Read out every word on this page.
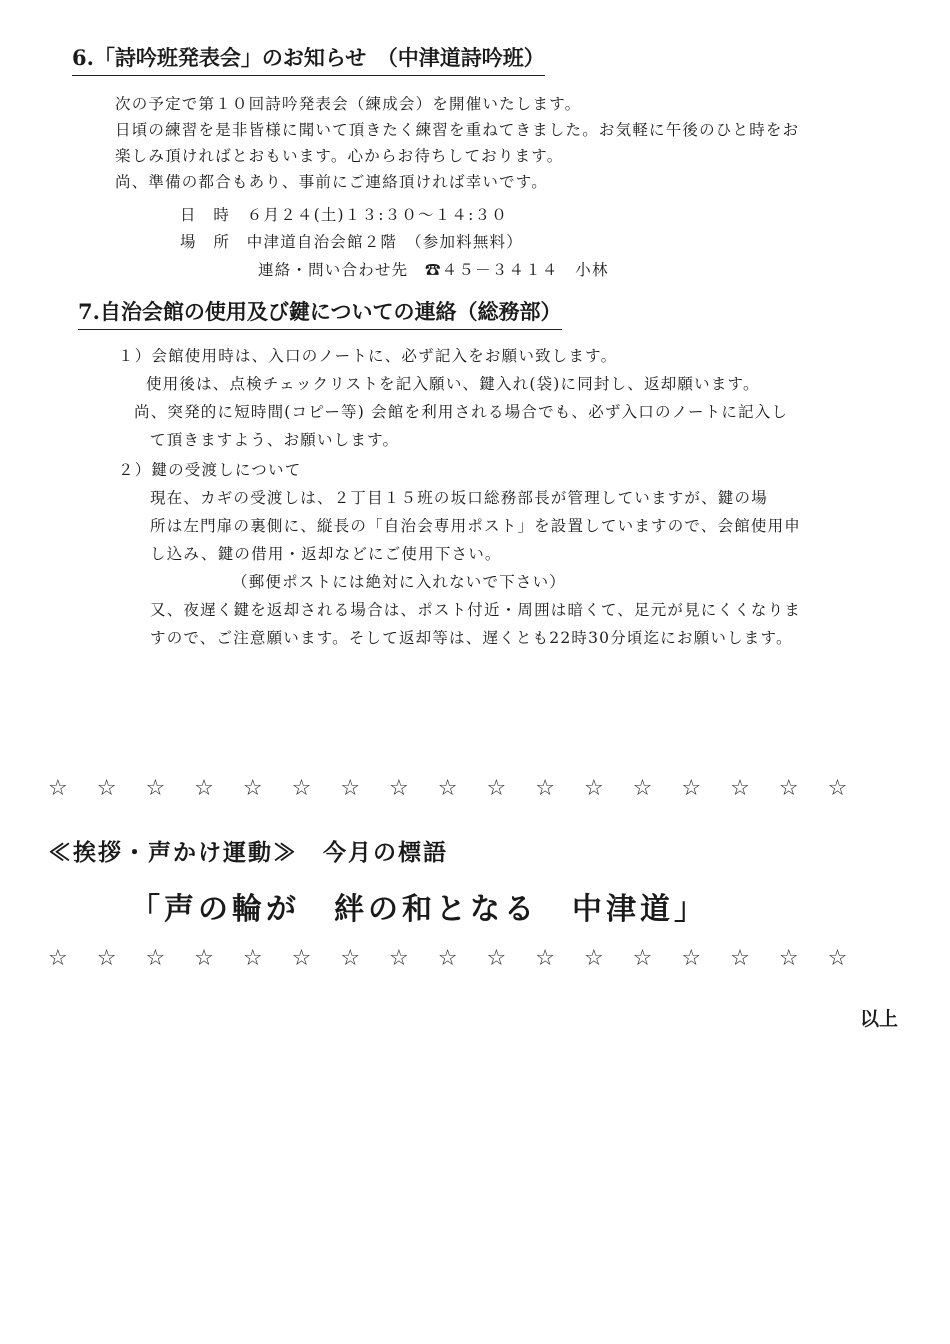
6.「詩吟班発表会」のお知らせ　（中津道詩吟班）
次の予定で第１０回詩吟発表会（練成会）を開催いたします。
日頃の練習を是非皆様に聞いて頂きたく練習を重ねてきました。お気軽に午後のひと時をお
楽しみ頂ければとおもいます。心からお待ちしております。
尚、準備の都合もあり、事前にご連絡頂ければ幸いです。
日　時　６月２４(土)１３:３０～１４:３０
場　所　中津道自治会館２階　（参加料無料）
連絡・問い合わせ先　☎４５－３４１４　小林
7.自治会館の使用及び鍵についての連絡（総務部）
１）会館使用時は、入口のノートに、必ず記入をお願い致します。
使用後は、点検チェックリストを記入願い、鍵入れ(袋)に同封し、返却願います。
尚、突発的に短時間(コピー等) 会館を利用される場合でも、必ず入口のノートに記入し
て頂きますよう、お願いします。
２）鍵の受渡しについて
現在、カギの受渡しは、２丁目１５班の坂口総務部長が管理していますが、鍵の場
所は左門扉の裏側に、縦長の「自治会専用ポスト」を設置していますので、会館使用申
し込み、鍵の借用・返却などにご使用下さい。
（郵便ポストには絶対に入れないで下さい）
又、夜遅く鍵を返却される場合は、ポスト付近・周囲は暗くて、足元が見にくくなりま
すので、ご注意願います。そして返却等は、遅くとも22時30分頃迄にお願いします。
☆☆☆☆☆☆☆☆☆☆☆☆☆☆☆☆☆
≪挨拶・声かけ運動≫　今月の標語
「声の輪が　絆の和となる　中津道」
☆☆☆☆☆☆☆☆☆☆☆☆☆☆☆☆☆
以上
